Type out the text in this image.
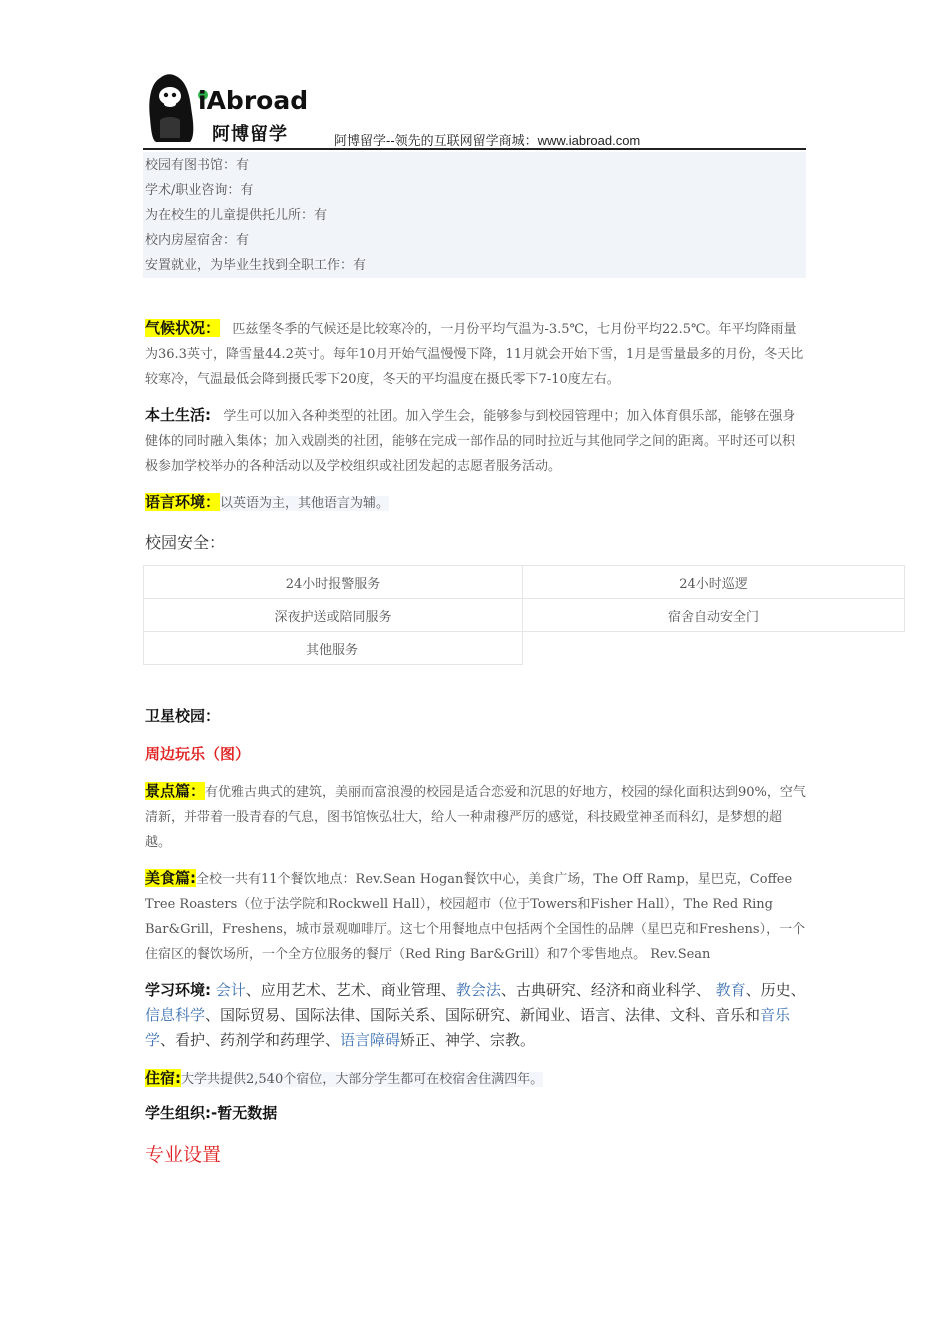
iAbroad
阿博留学	阿博留学--领先的互联网留学商城：www.iabroad.com
校园有图书馆：有
学术/职业咨询：有
为在校生的儿童提供托儿所：有
校内房屋宿舍：有
安置就业，为毕业生找到全职工作：有
气候状况： 匹兹堡冬季的气候还是比较寒冷的，一月份平均气温为-3.5℃，七月份平均22.5℃。年平均降雨量为36.3英寸，降雪量44.2英寸。每年10月开始气温慢慢下降，11月就会开始下雪，1月是雪量最多的月份，冬天比较寒冷，气温最低会降到摄氏零下20度，冬天的平均温度在摄氏零下7-10度左右。
本土生活: 学生可以加入各种类型的社团。加入学生会，能够参与到校园管理中；加入体育俱乐部，能够在强身健体的同时融入集体；加入戏剧类的社团，能够在完成一部作品的同时拉近与其他同学之间的距离。平时还可以积极参加学校举办的各种活动以及学校组织或社团发起的志愿者服务活动。
语言环境：以英语为主，其他语言为辅。
校园安全：
24小时报警服务	24小时巡逻
深夜护送或陪同服务	宿舍自动安全门
其他服务	
卫星校园：
周边玩乐（图）
景点篇：有优雅古典式的建筑，美丽而富浪漫的校园是适合恋爱和沉思的好地方，校园的绿化面积达到90%，空气清新，并带着一股青春的气息，图书馆恢弘壮大，给人一种肃穆严厉的感觉，科技殿堂神圣而科幻，是梦想的超越。
美食篇:全校一共有11个餐饮地点：Rev.Sean Hogan餐饮中心，美食广场，The Off Ramp，星巴克，Coffee Tree Roasters（位于法学院和Rockwell Hall），校园超市（位于Towers和Fisher Hall），The Red Ring Bar&Grill，Freshens，城市景观咖啡厅。这七个用餐地点中包括两个全国性的品牌（星巴克和Freshens），一个住宿区的餐饮场所，一个全方位服务的餐厅（Red Ring Bar&Grill）和7个零售地点。 Rev.Sean
学习环境: 会计、应用艺术、艺术、商业管理、教会法、古典研究、经济和商业科学、 教育、历史、信息科学、国际贸易、国际法律、国际关系、国际研究、新闻业、语言、法律、文科、音乐和音乐学、看护、药剂学和药理学、语言障碍矫正、神学、宗教。
住宿:大学共提供2,540个宿位，大部分学生都可在校宿舍住满四年。
学生组织:-暂无数据
专业设置
